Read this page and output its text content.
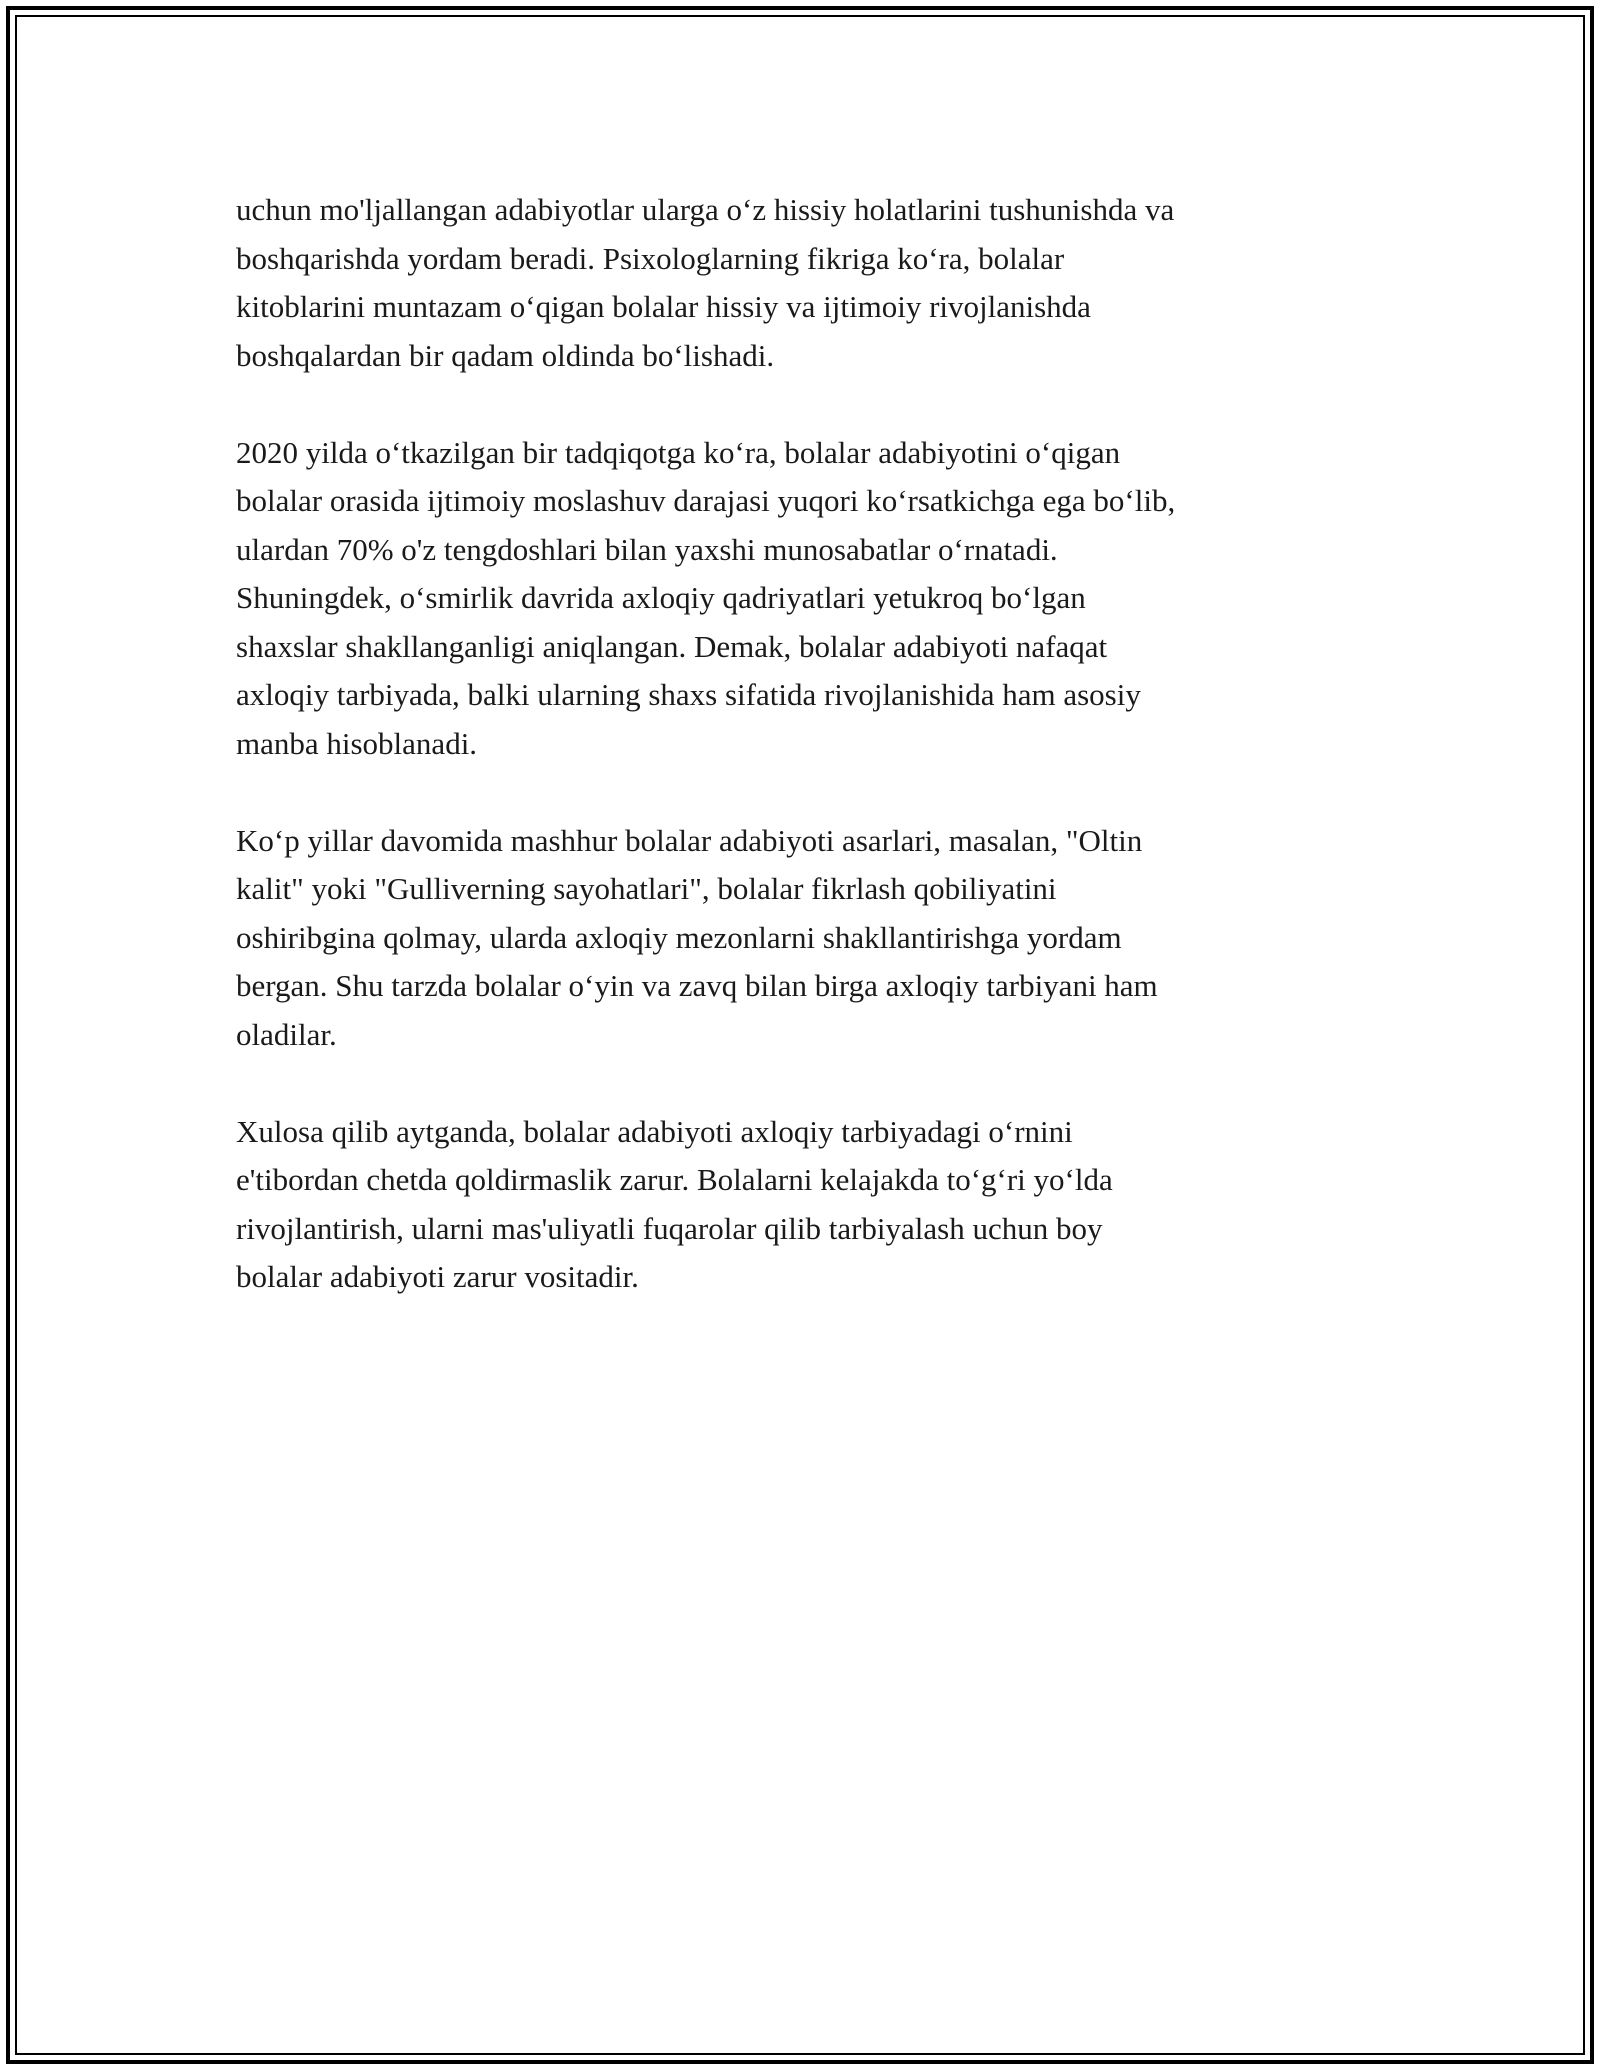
uchun mo'ljallangan adabiyotlar ularga o‘z hissiy holatlarini tushunishda va
boshqarishda yordam beradi. Psixologlarning fikriga ko‘ra, bolalar
kitoblarini muntazam o‘qigan bolalar hissiy va ijtimoiy rivojlanishda
boshqalardan bir qadam oldinda bo‘lishadi.

2020 yilda o‘tkazilgan bir tadqiqotga ko‘ra, bolalar adabiyotini o‘qigan
bolalar orasida ijtimoiy moslashuv darajasi yuqori ko‘rsatkichga ega bo‘lib,
ulardan 70% o'z tengdoshlari bilan yaxshi munosabatlar o‘rnatadi.
Shuningdek, o‘smirlik davrida axloqiy qadriyatlari yetukroq bo‘lgan
shaxslar shakllanganligi aniqlangan. Demak, bolalar adabiyoti nafaqat
axloqiy tarbiyada, balki ularning shaxs sifatida rivojlanishida ham asosiy
manba hisoblanadi.

Ko‘p yillar davomida mashhur bolalar adabiyoti asarlari, masalan, "Oltin
kalit" yoki "Gulliverning sayohatlari", bolalar fikrlash qobiliyatini
oshiribgina qolmay, ularda axloqiy mezonlarni shakllantirishga yordam
bergan. Shu tarzda bolalar o‘yin va zavq bilan birga axloqiy tarbiyani ham
oladilar.

Xulosa qilib aytganda, bolalar adabiyoti axloqiy tarbiyadagi o‘rnini
e'tibordan chetda qoldirmaslik zarur. Bolalarni kelajakda to‘g‘ri yo‘lda
rivojlantirish, ularni mas'uliyatli fuqarolar qilib tarbiyalash uchun boy
bolalar adabiyoti zarur vositadir.
